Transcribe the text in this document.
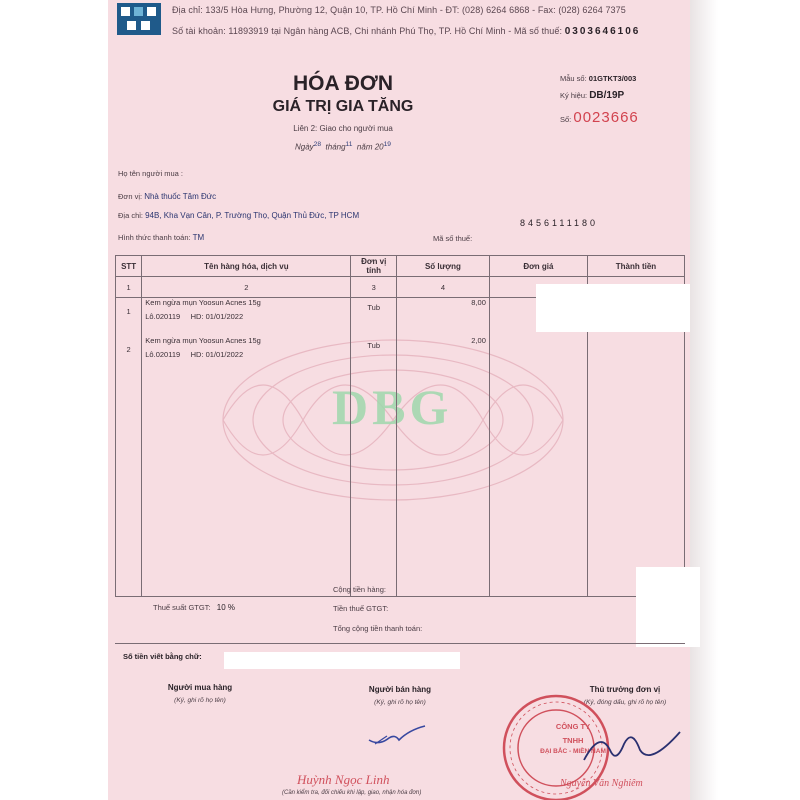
Địa chỉ: 133/5 Hòa Hưng, Phường 12, Quận 10, TP. Hồ Chí Minh - ĐT: (028) 6264 6868 - Fax: (028) 6264 7375
Số tài khoản: 11893919 tại Ngân hàng ACB, Chi nhánh Phú Thọ, TP. Hồ Chí Minh - Mã số thuế: 0303646106
HÓA ĐƠN
GIÁ TRỊ GIA TĂNG
Liên 2: Giao cho người mua
Ngày$^{28}$ tháng$^{11}$ năm $20^{19}$
Mẫu số: 01GTKT3/003
Ký hiệu: DB/19P
Số: 0023666
Họ tên người mua :
Đơn vị: Nhà thuốc Tâm Đức
Địa chỉ: 94B, Kha Vạn Cân, P. Trường Thọ, Quận Thủ Đức, TP HCM
8456111180
Hình thức thanh toán: TM	Mã số thuế:
DBG
STT	Tên hàng hóa, dịch vụ	Đơn vị tính	Số lượng	Đơn giá	Thành tiền
1	2	3	4		
1	Kem ngừa mụn Yoosun Acnes 15g
Lô.020119 HD: 01/01/2022	Tub	8,00		
2	Kem ngừa mụn Yoosun Acnes 15g
Lô.020119 HD: 01/01/2022	Tub	2,00		

Cộng tiền hàng:
Thuế suất GTGT: 10 %	Tiền thuế GTGT:
Tổng cộng tiền thanh toán:
Số tiền viết bằng chữ:
Người mua hàng
(Ký, ghi rõ họ tên)
Người bán hàng
(Ký, ghi rõ họ tên)
Thủ trưởng đơn vị
(Ký, đóng dấu, ghi rõ họ tên)
CÔNG TY
TNHH
ĐẠI BẮC - MIỀN NAM
Huỳnh Ngọc Linh	Nguyễn Văn Nghiêm
(Cần kiểm tra, đối chiếu khi lập, giao, nhận hóa đơn)
